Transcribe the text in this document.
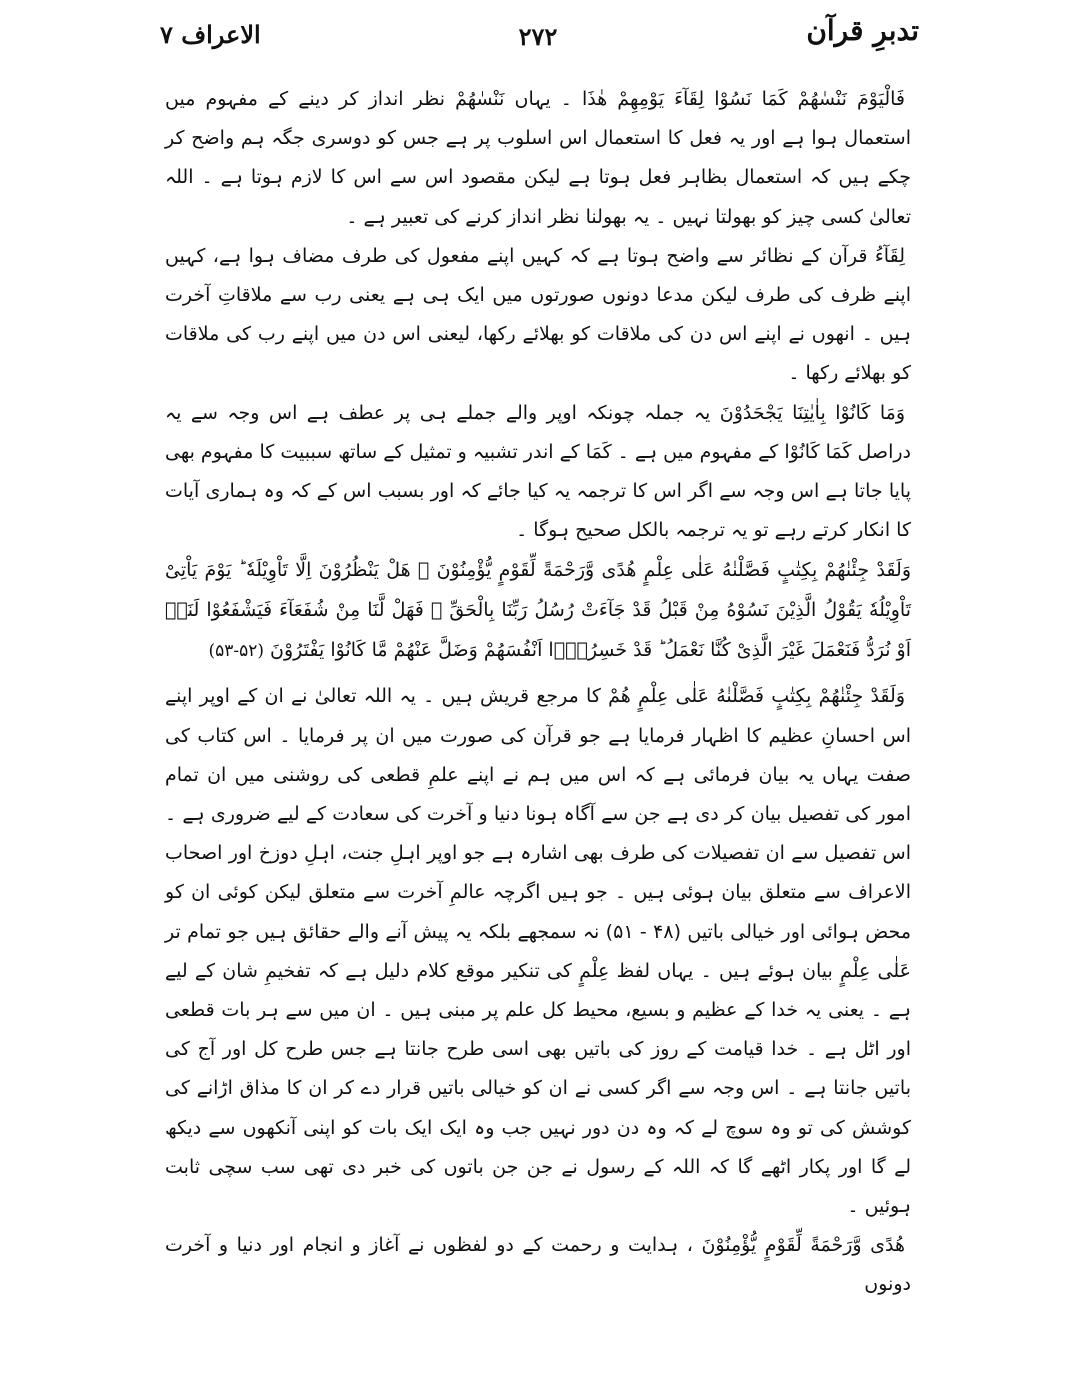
تدبرِ قرآن
۲۷۲
الاعراف ۷

فَالْیَوْمَ نَنْسٰهُمْ كَمَا نَسُوْا لِقَآءَ یَوْمِهِمْ هٰذَا ۔ یہاں نَنْسٰهُمْ نظر انداز کر دینے کے مفہوم میں استعمال ہوا ہے اور یہ فعل کا استعمال اس اسلوب پر ہے جس کو دوسری جگہ ہم واضح کر چکے ہیں کہ استعمال بظاہر فعل ہوتا ہے لیکن مقصود اس سے اس کا لازم ہوتا ہے ۔ اللہ تعالیٰ کسی چیز کو بھولتا نہیں ۔ یہ بھولنا نظر انداز کرنے کی تعبیر ہے ۔

لِقَآءُ قرآن کے نظائر سے واضح ہوتا ہے کہ کہیں اپنے مفعول کی طرف مضاف ہوا ہے، کہیں اپنے ظرف کی طرف لیکن مدعا دونوں صورتوں میں ایک ہی ہے یعنی رب سے ملاقاتِ آخرت ہیں ۔ انھوں نے اپنے اس دن کی ملاقات کو بھلائے رکھا، لیعنی اس دن میں اپنے رب کی ملاقات کو بھلائے رکھا ۔

وَمَا كَانُوْا بِاٰیٰتِنَا یَجْحَدُوْنَ یہ جملہ چونکہ اوپر والے جملے ہی پر عطف ہے اس وجہ سے یہ دراصل كَمَا كَانُوْا کے مفہوم میں ہے ۔ كَمَا کے اندر تشبیہ و تمثیل کے ساتھ سببیت کا مفہوم بھی پایا جاتا ہے اس وجہ سے اگر اس کا ترجمہ یہ کیا جائے کہ اور بسبب اس کے کہ وہ ہماری آیات کا انکار کرتے رہے تو یہ ترجمہ بالکل صحیح ہوگا ۔

وَلَقَدْ جِئْنٰهُمْ بِكِتٰبٍ فَصَّلْنٰهُ عَلٰى عِلْمٍ هُدًى وَّرَحْمَةً لِّقَوْمٍ یُّؤْمِنُوْنَ ۞ هَلْ یَنْظُرُوْنَ اِلَّا تَاْوِیْلَهٗ ؕ یَوْمَ یَاْتِیْ تَاْوِیْلُهٗ یَقُوْلُ الَّذِیْنَ نَسُوْهُ مِنْ قَبْلُ قَدْ جَآءَتْ رُسُلُ رَبِّنَا بِالْحَقِّ ۚ فَهَلْ لَّنَا مِنْ شُفَعَآءَ فَیَشْفَعُوْا لَنَاۤ اَوْ نُرَدُّ فَنَعْمَلَ غَیْرَ الَّذِیْ كُنَّا نَعْمَلُ ؕ قَدْ خَسِرُوْۤا اَنْفُسَهُمْ وَضَلَّ عَنْهُمْ مَّا كَانُوْا یَفْتَرُوْنَ (۵۲-۵۳)

وَلَقَدْ جِئْنٰهُمْ بِكِتٰبٍ فَصَّلْنٰهُ عَلٰى عِلْمٍ هُمْ کا مرجع قریش ہیں ۔ یہ اللہ تعالیٰ نے ان کے اوپر اپنے اس احسانِ عظیم کا اظہار فرمایا ہے جو قرآن کی صورت میں ان پر فرمایا ۔ اس کتاب کی صفت یہاں یہ بیان فرمائی ہے کہ اس میں ہم نے اپنے علمِ قطعی کی روشنی میں ان تمام امور کی تفصیل بیان کر دی ہے جن سے آگاہ ہونا دنیا و آخرت کی سعادت کے لیے ضروری ہے ۔ اس تفصیل سے ان تفصیلات کی طرف بھی اشارہ ہے جو اوپر اہلِ جنت، اہلِ دوزخ اور اصحاب الاعراف سے متعلق بیان ہوئی ہیں ۔ جو ہیں اگرچہ عالمِ آخرت سے متعلق لیکن کوئی ان کو محض ہوائی اور خیالی باتیں (۴۸ - ۵۱) نہ سمجھے بلکہ یہ پیش آنے والے حقائق ہیں جو تمام تر عَلٰى عِلْمٍ بیان ہوئے ہیں ۔ یہاں لفظ عِلْمٍ کی تنکیر موقع کلام دلیل ہے کہ تفخیمِ شان کے لیے ہے ۔ یعنی یہ خدا کے عظیم و بسیع، محیط کل علم پر مبنی ہیں ۔ ان میں سے ہر بات قطعی اور اٹل ہے ۔ خدا قیامت کے روز کی باتیں بھی اسی طرح جانتا ہے جس طرح کل اور آج کی باتیں جانتا ہے ۔ اس وجہ سے اگر کسی نے ان کو خیالی باتیں قرار دے کر ان کا مذاق اڑانے کی کوشش کی تو وہ سوچ لے کہ وہ دن دور نہیں جب وہ ایک ایک بات کو اپنی آنکھوں سے دیکھ لے گا اور پکار اٹھے گا کہ اللہ کے رسول نے جن جن باتوں کی خبر دی تھی سب سچی ثابت ہوئیں ۔

هُدًى وَّرَحْمَةً لِّقَوْمٍ یُّؤْمِنُوْنَ ، ہدایت و رحمت کے دو لفظوں نے آغاز و انجام اور دنیا و آخرت دونوں
